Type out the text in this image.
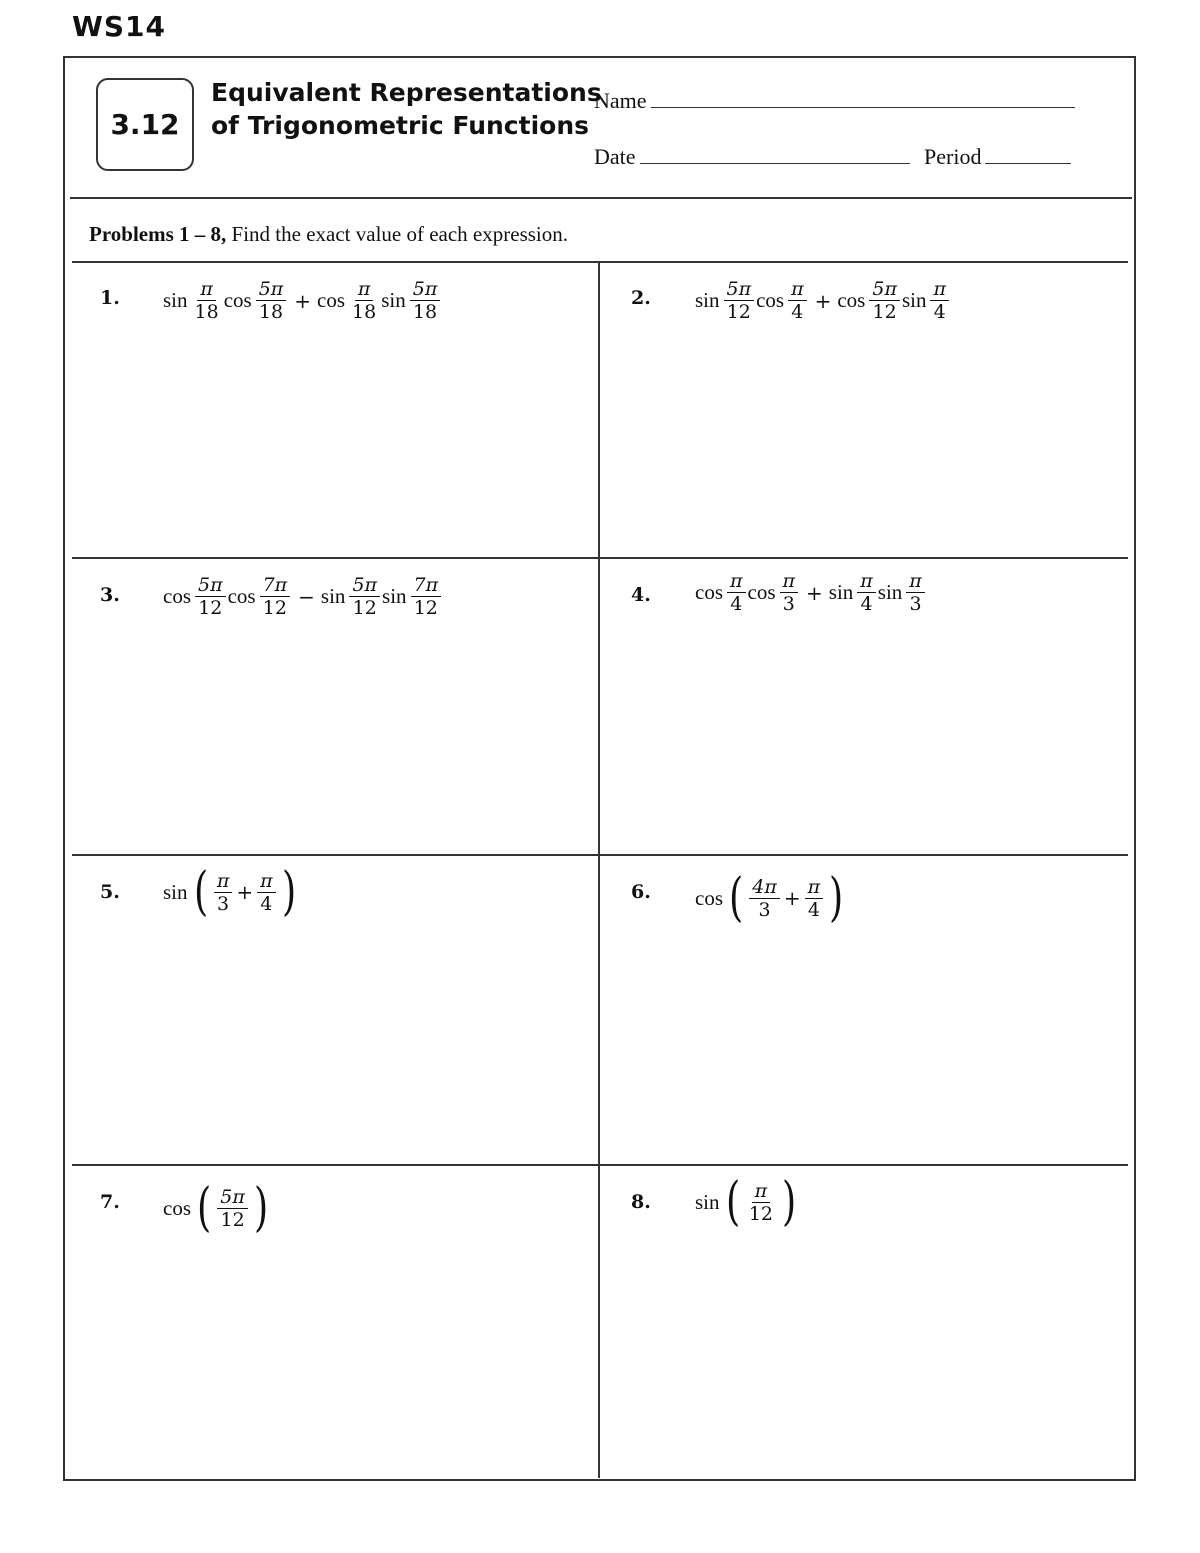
WS14
3.12
Equivalent Representations
of Trigonometric Functions
Name
Date	Period
Problems 1 – 8, Find the exact value of each expression.
1. $\sin \frac{\pi}{18}$ $\cos \frac{5\pi}{18} + \cos \frac{\pi}{18}$ $\sin \frac{5\pi}{18}$	2. $\sin \frac{5\pi}{12}$ $\cos \frac{\pi}{4} + \cos \frac{5\pi}{12}$ $\sin \frac{\pi}{4}$
3. $\cos \frac{5\pi}{12}$ $\cos \frac{7\pi}{12} - \sin \frac{5\pi}{12}$ $\sin \frac{7\pi}{12}$	4. $\cos \frac{\pi}{4}$ $\cos \frac{\pi}{3} + \sin \frac{\pi}{4}$ $\sin \frac{\pi}{3}$
5. sin ( $\frac{\pi}{3} + \frac{\pi}{4}$ )	6. cos ( $\frac{4\pi}{3} + \frac{\pi}{4}$ )
7. cos ( $\frac{5\pi}{12}$ )	8. sin ( $\frac{\pi}{12}$ )
